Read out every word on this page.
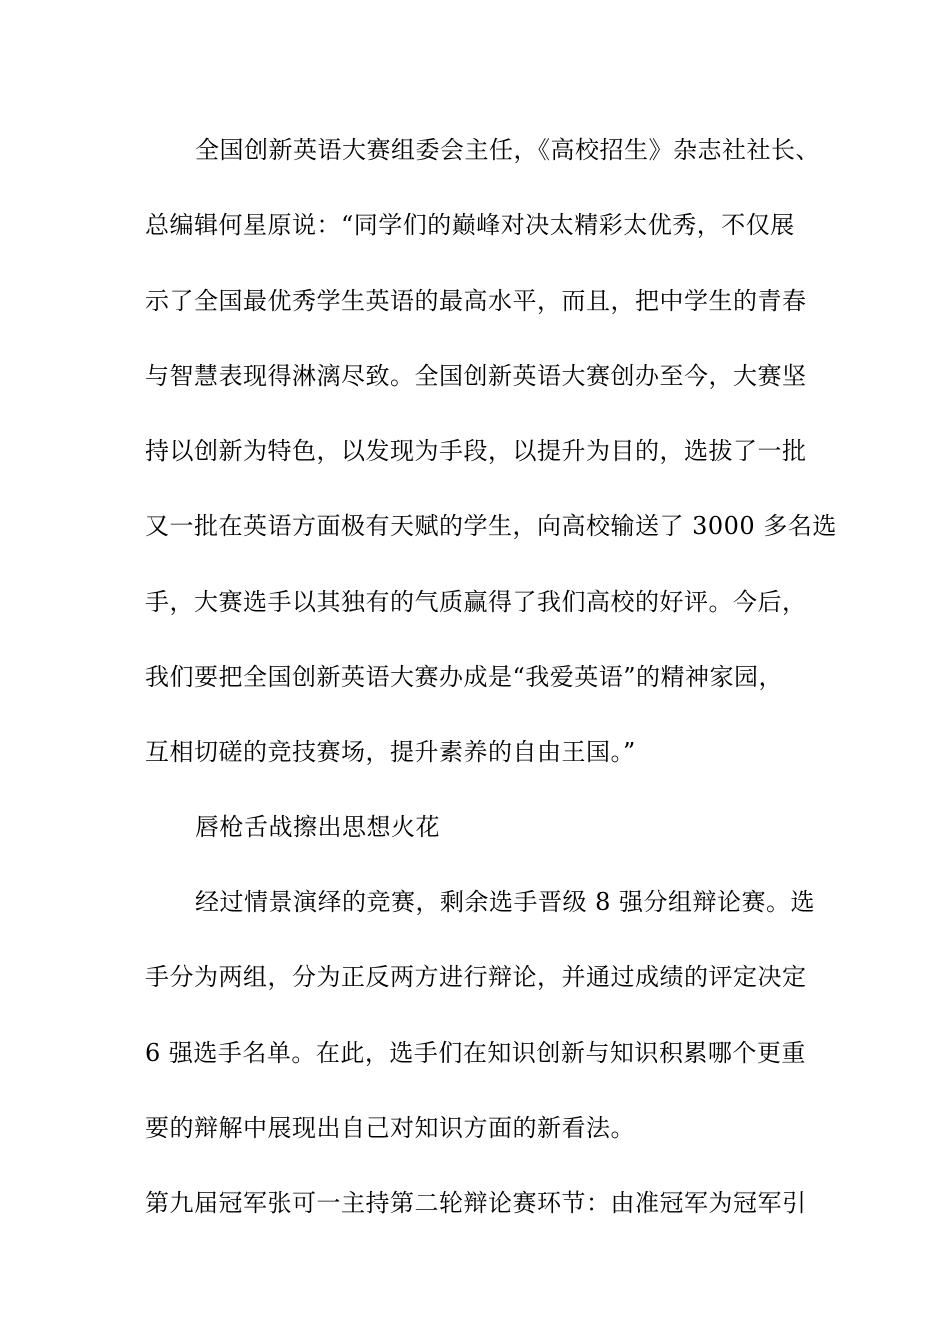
全国创新英语大赛组委会主任，《高校招生》杂志社社长、
总编辑何星原说：“同学们的巅峰对决太精彩太优秀，不仅展
示了全国最优秀学生英语的最高水平，而且，把中学生的青春
与智慧表现得淋漓尽致。全国创新英语大赛创办至今，大赛坚
持以创新为特色，以发现为手段，以提升为目的，选拔了一批
又一批在英语方面极有天赋的学生，向高校输送了 3000 多名选
手，大赛选手以其独有的气质赢得了我们高校的好评。今后，
我们要把全国创新英语大赛办成是“我爱英语”的精神家园，
互相切磋的竞技赛场，提升素养的自由王国。”
唇枪舌战擦出思想火花
经过情景演绎的竞赛，剩余选手晋级 8 强分组辩论赛。选
手分为两组，分为正反两方进行辩论，并通过成绩的评定决定
6 强选手名单。在此，选手们在知识创新与知识积累哪个更重
要的辩解中展现出自己对知识方面的新看法。
第九届冠军张可一主持第二轮辩论赛环节：由准冠军为冠军引
